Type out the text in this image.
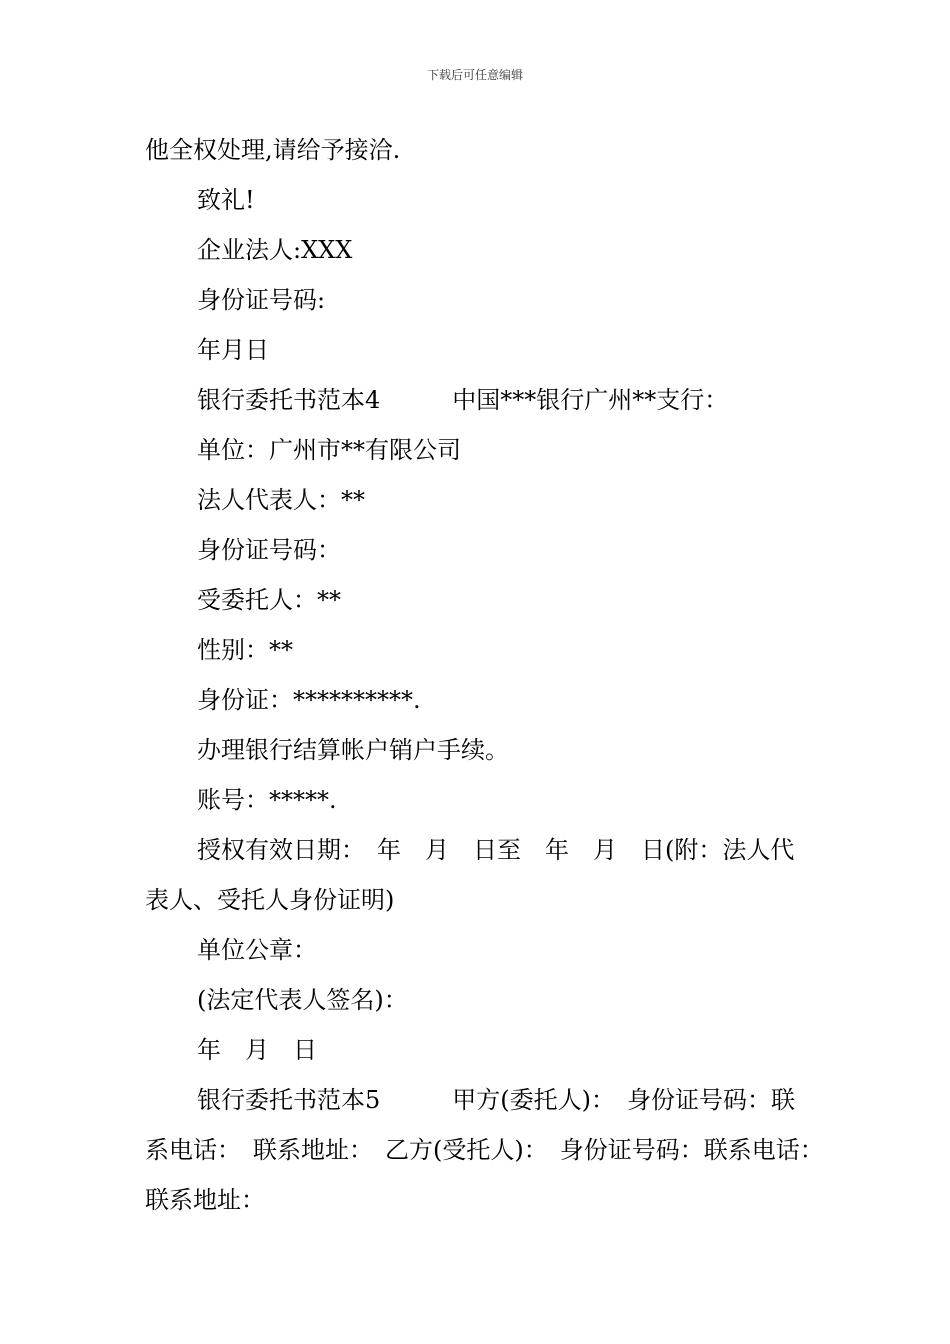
下载后可任意编辑
他全权处理,请给予接洽.
致礼!
企业法人:XXX
身份证号码:
年月日
银行委托书范本4　　　中国***银行广州**支行：
单位：广州市**有限公司
法人代表人：**
身份证号码：
受委托人：**
性别：**
身份证：**********.
办理银行结算帐户销户手续。
账号：*****.
授权有效日期：　年　月　日至　年　月　日(附：法人代表人、受托人身份证明)
单位公章：
(法定代表人签名)：
年　月　日
银行委托书范本5　　　甲方(委托人)：　身份证号码：联系电话：　联系地址：　乙方(受托人)：　身份证号码：联系电话：　联系地址：
